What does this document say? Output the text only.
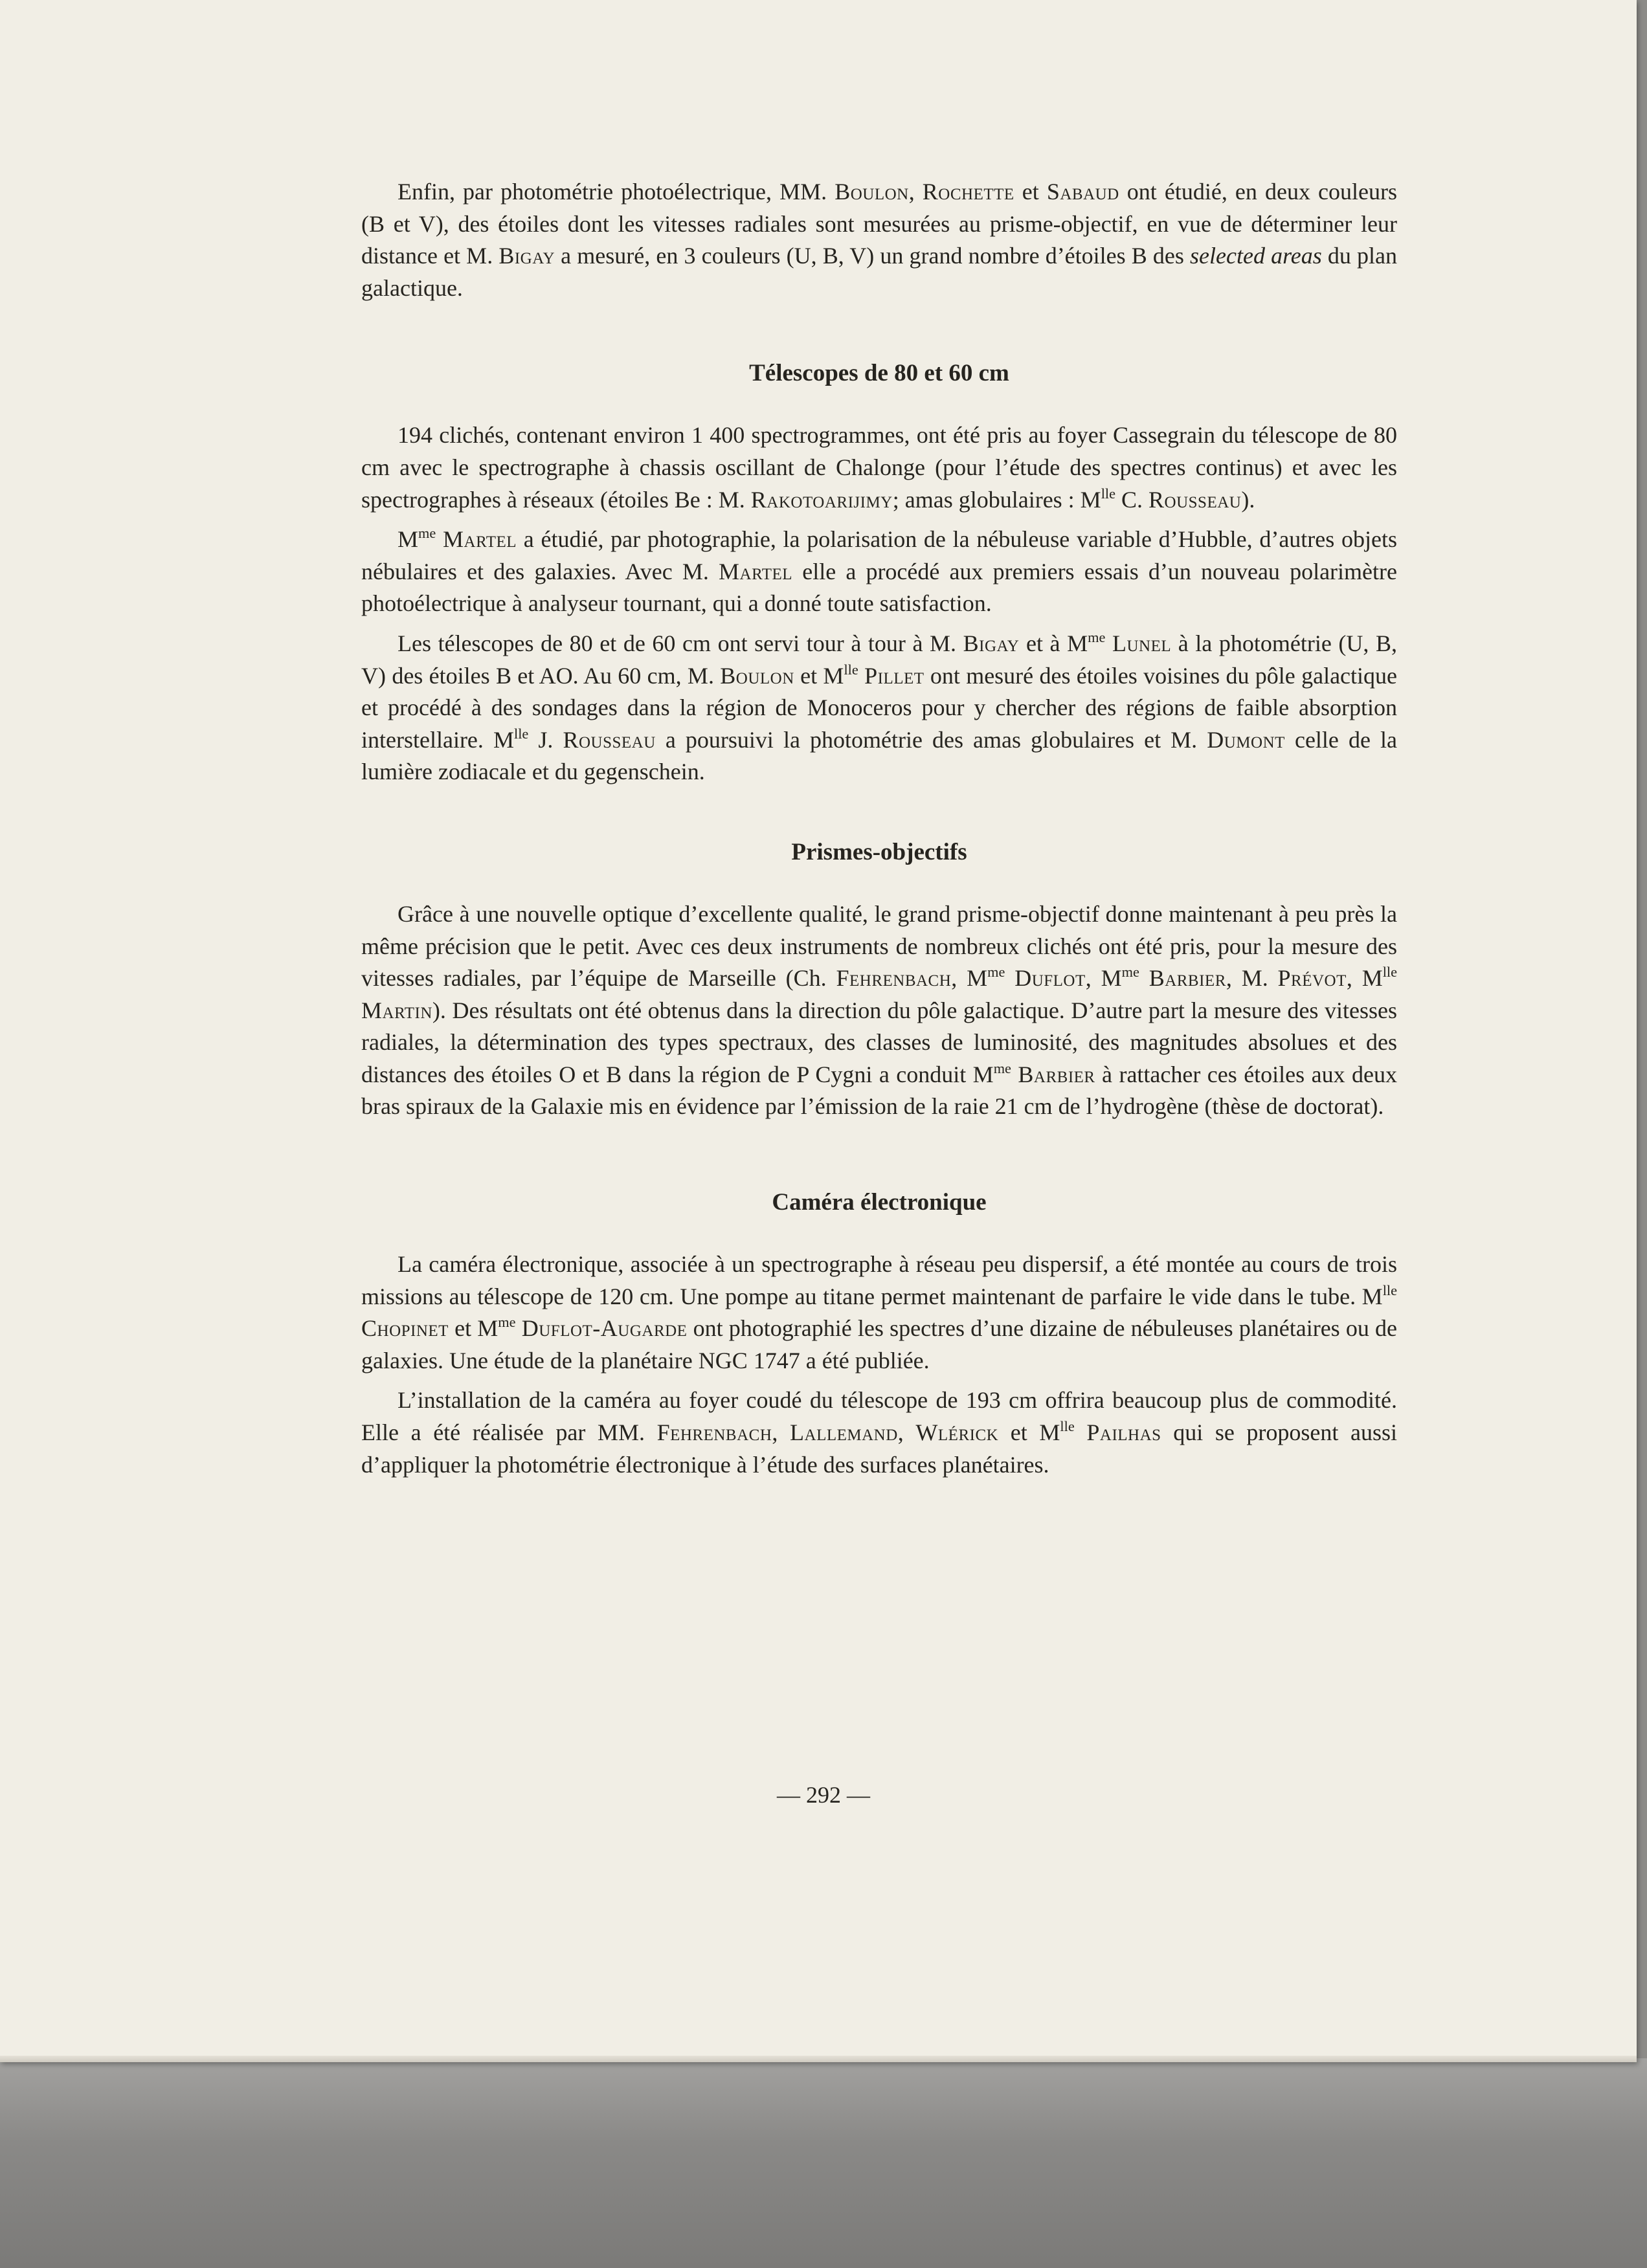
Enfin, par photométrie photoélectrique, MM. Boulon, Rochette et Sabaud ont étudié, en deux couleurs (B et V), des étoiles dont les vitesses radiales sont mesurées au prisme-objectif, en vue de déterminer leur distance et M. Bigay a mesuré, en 3 couleurs (U, B, V) un grand nombre d’étoiles B des selected areas du plan galactique.

Télescopes de 80 et 60 cm

194 clichés, contenant environ 1 400 spectrogrammes, ont été pris au foyer Cassegrain du télescope de 80 cm avec le spectrographe à chassis oscillant de Chalonge (pour l’étude des spectres continus) et avec les spectrographes à réseaux (étoiles Be : M. Rakotoarijimy; amas globulaires : $M^{lle}$ C. Rousseau).

$M^{me}$ Martel a étudié, par photographie, la polarisation de la nébuleuse variable d’Hubble, d’autres objets nébulaires et des galaxies. Avec M. Martel elle a procédé aux premiers essais d’un nouveau polarimètre photoélectrique à analyseur tournant, qui a donné toute satisfaction.

Les télescopes de 80 et de 60 cm ont servi tour à tour à M. Bigay et à $M^{me}$ Lunel à la photométrie (U, B, V) des étoiles B et AO. Au 60 cm, M. Boulon et $M^{lle}$ Pillet ont mesuré des étoiles voisines du pôle galactique et procédé à des sondages dans la région de Monoceros pour y chercher des régions de faible absorption interstellaire. $M^{lle}$ J. Rousseau a poursuivi la photométrie des amas globulaires et M. Dumont celle de la lumière zodiacale et du gegenschein.

Prismes-objectifs

Grâce à une nouvelle optique d’excellente qualité, le grand prisme-objectif donne maintenant à peu près la même précision que le petit. Avec ces deux instruments de nombreux clichés ont été pris, pour la mesure des vitesses radiales, par l’équipe de Marseille (Ch. Fehrenbach, $M^{me}$ Duflot, $M^{me}$ Barbier, M. Prévot, $M^{lle}$ Martin). Des résultats ont été obtenus dans la direction du pôle galactique. D’autre part la mesure des vitesses radiales, la détermination des types spectraux, des classes de luminosité, des magnitudes absolues et des distances des étoiles O et B dans la région de P Cygni a conduit $M^{me}$ Barbier à rattacher ces étoiles aux deux bras spiraux de la Galaxie mis en évidence par l’émission de la raie 21 cm de l’hydrogène (thèse de doctorat).

Caméra électronique

La caméra électronique, associée à un spectrographe à réseau peu dispersif, a été montée au cours de trois missions au télescope de 120 cm. Une pompe au titane permet maintenant de parfaire le vide dans le tube. $M^{lle}$ Chopinet et $M^{me}$ Duflot-Augarde ont photographié les spectres d’une dizaine de nébuleuses planétaires ou de galaxies. Une étude de la planétaire NGC 1747 a été publiée.

L’installation de la caméra au foyer coudé du télescope de 193 cm offrira beaucoup plus de commodité. Elle a été réalisée par MM. Fehrenbach, Lallemand, Wlérick et $M^{lle}$ Pailhas qui se proposent aussi d’appliquer la photométrie électronique à l’étude des surfaces planétaires.

— 292 —
